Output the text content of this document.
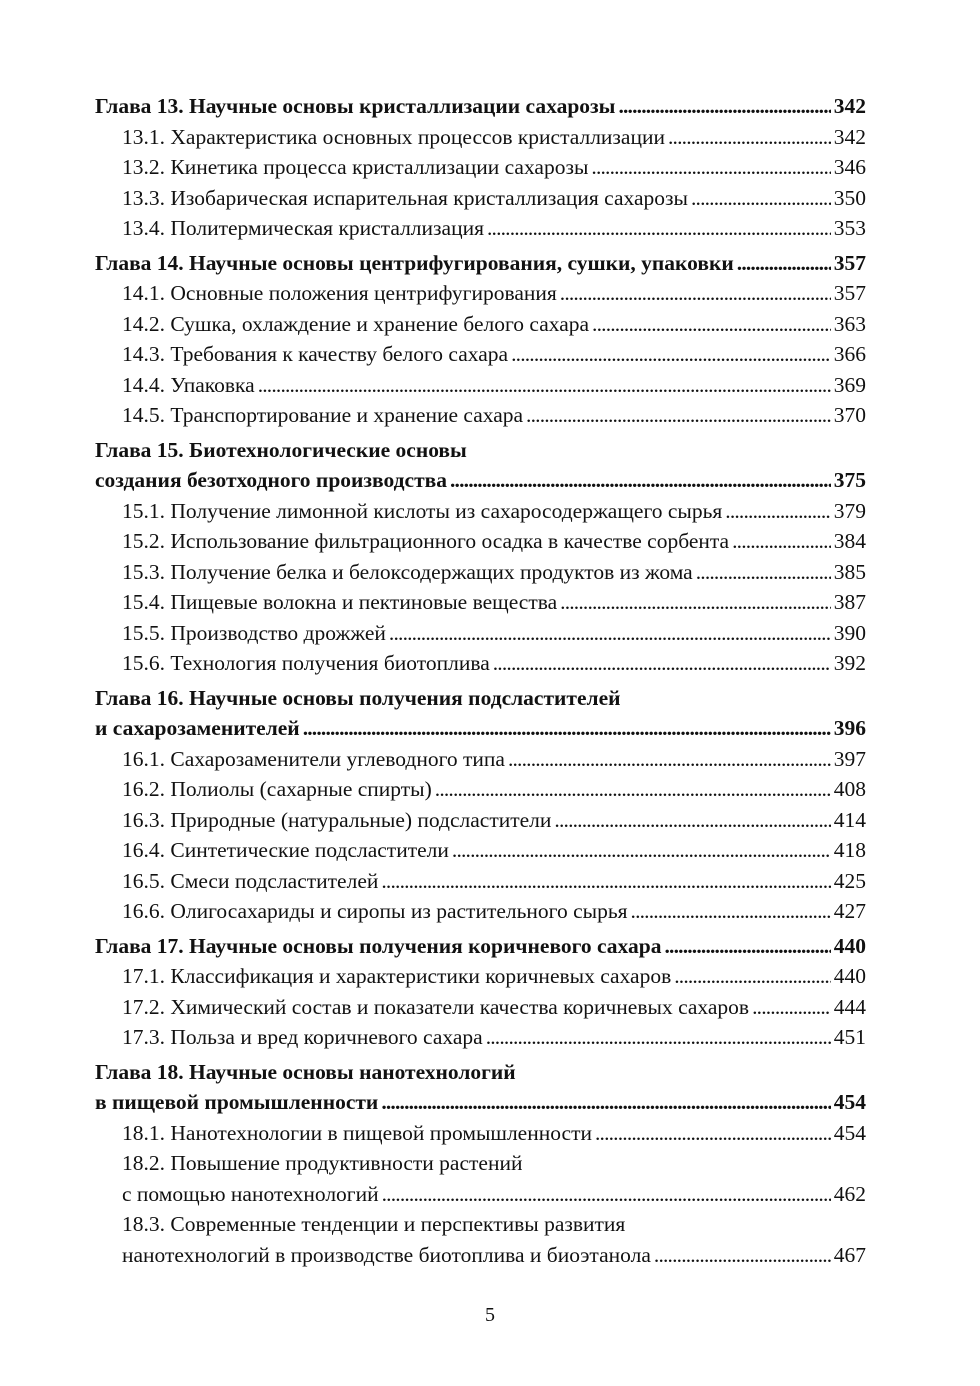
Глава 13. Научные основы кристаллизации сахарозы . . .	342
13.1. Характеристика основных процессов кристаллизации . . .	342
13.2. Кинетика процесса кристаллизации сахарозы . . .	346
13.3. Изобарическая испарительная кристаллизация сахарозы . . .	350
13.4. Политермическая кристаллизация . . .	353
Глава 14. Научные основы центрифугирования, сушки, упаковки . . .	357
14.1. Основные положения центрифугирования . . .	357
14.2. Сушка, охлаждение и хранение белого сахара . . .	363
14.3. Требования к качеству белого сахара . . .	366
14.4. Упаковка . . .	369
14.5. Транспортирование и хранение сахара . . .	370
Глава 15. Биотехнологические основы
создания безотходного производства . . .	375
15.1. Получение лимонной кислоты из сахаросодержащего сырья . . .	379
15.2. Использование фильтрационного осадка в качестве сорбента . . .	384
15.3. Получение белка и белоксодержащих продуктов из жома . . .	385
15.4. Пищевые волокна и пектиновые вещества . . .	387
15.5. Производство дрожжей . . .	390
15.6. Технология получения биотоплива . . .	392
Глава 16. Научные основы получения подсластителей
и сахарозаменителей . . .	396
16.1. Сахарозаменители углеводного типа . . .	397
16.2. Полиолы (сахарные спирты) . . .	408
16.3. Природные (натуральные) подсластители . . .	414
16.4. Синтетические подсластители . . .	418
16.5. Смеси подсластителей . . .	425
16.6. Олигосахариды и сиропы из растительного сырья . . .	427
Глава 17. Научные основы получения коричневого сахара . . .	440
17.1. Классификация и характеристики коричневых сахаров . . .	440
17.2. Химический состав и показатели качества коричневых сахаров . . .	444
17.3. Польза и вред коричневого сахара . . .	451
Глава 18. Научные основы нанотехнологий
в пищевой промышленности . . .	454
18.1. Нанотехнологии в пищевой промышленности . . .	454
18.2. Повышение продуктивности растений
с помощью нанотехнологий . . .	462
18.3. Современные тенденции и перспективы развития
нанотехнологий в производстве биотоплива и биоэтанола . . .	467
5
